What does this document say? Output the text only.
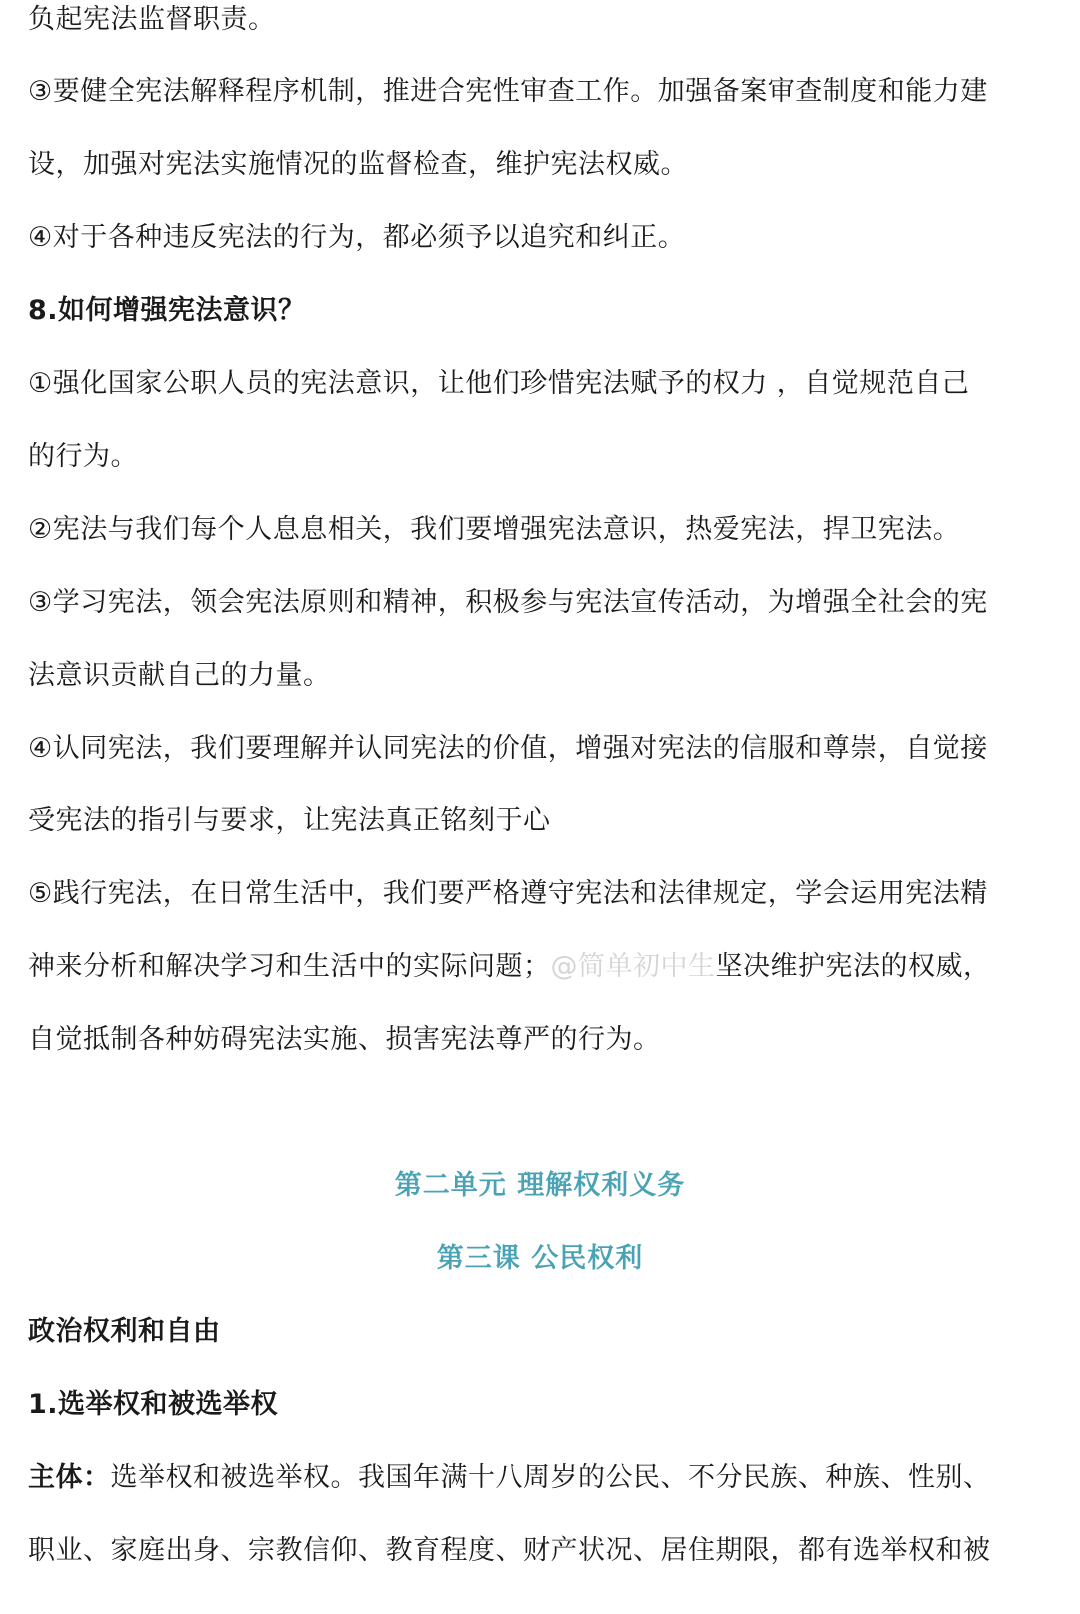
负起宪法监督职责。
③要健全宪法解释程序机制，推进合宪性审查工作。加强备案审查制度和能力建
设，加强对宪法实施情况的监督检查，维护宪法权威。
④对于各种违反宪法的行为，都必须予以追究和纠正。
8.如何增强宪法意识？
①强化国家公职人员的宪法意识，让他们珍惜宪法赋予的权力 ，自觉规范自己
的行为。
②宪法与我们每个人息息相关，我们要增强宪法意识，热爱宪法，捍卫宪法。
③学习宪法，领会宪法原则和精神，积极参与宪法宣传活动，为增强全社会的宪
法意识贡献自己的力量。
④认同宪法，我们要理解并认同宪法的价值，增强对宪法的信服和尊崇，自觉接
受宪法的指引与要求，让宪法真正铭刻于心
⑤践行宪法，在日常生活中，我们要严格遵守宪法和法律规定，学会运用宪法精
神来分析和解决学习和生活中的实际问题；@简单初中生坚决维护宪法的权威，
自觉抵制各种妨碍宪法实施、损害宪法尊严的行为。
第二单元 理解权利义务
第三课 公民权利
政治权利和自由
1.选举权和被选举权
主体：选举权和被选举权。我国年满十八周岁的公民、不分民族、种族、性别、
职业、家庭出身、宗教信仰、教育程度、财产状况、居住期限，都有选举权和被
